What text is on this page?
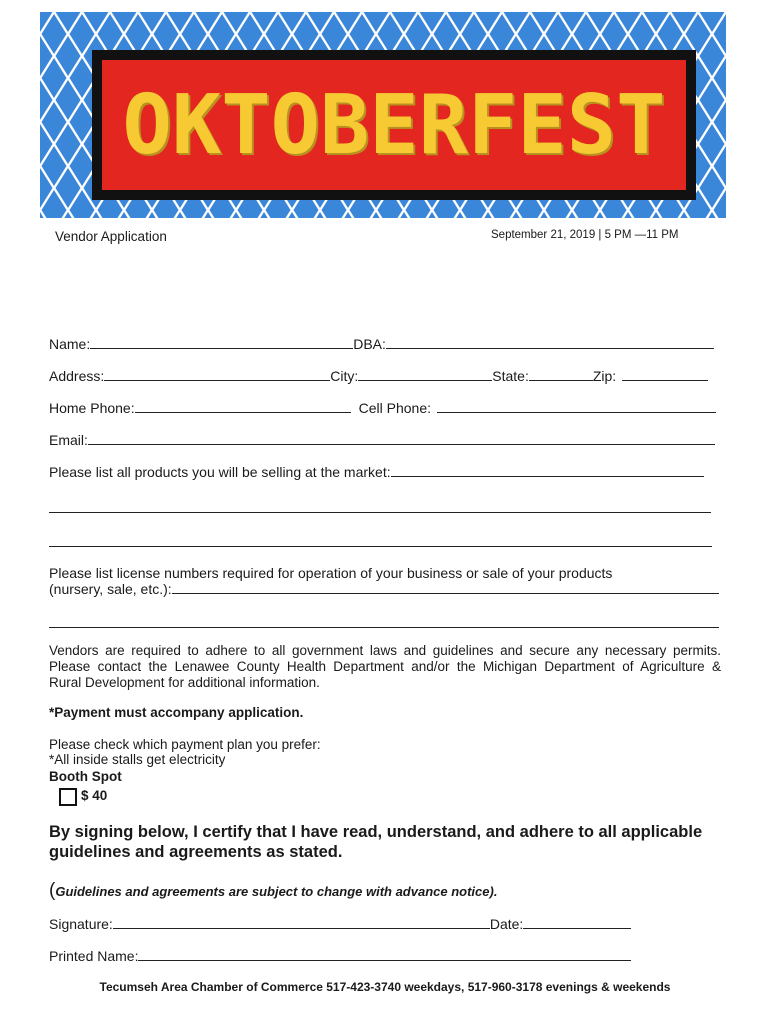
OKTOBERFEST
Vendor Application	September 21, 2019 | 5 PM —11 PM
Name:	DBA:
Address:	City:	State:	Zip:
Home Phone:	Cell Phone:
Email:
Please list all products you will be selling at the market:
Please list license numbers required for operation of your business or sale of your products
(nursery, sale, etc.):
Vendors are required to adhere to all government laws and guidelines and secure any necessary permits.
Please contact the Lenawee County Health Department and/or the Michigan Department of Agriculture &
Rural Development for additional information.
*Payment must accompany application.
Please check which payment plan you prefer:
*All inside stalls get electricity
Booth Spot
$ 40
By signing below, I certify that I have read, understand, and adhere to all applicable guidelines and agreements as stated.
(Guidelines and agreements are subject to change with advance notice).
Signature:	Date:
Printed Name:
Tecumseh Area Chamber of Commerce 517-423-3740 weekdays, 517-960-3178 evenings & weekends
